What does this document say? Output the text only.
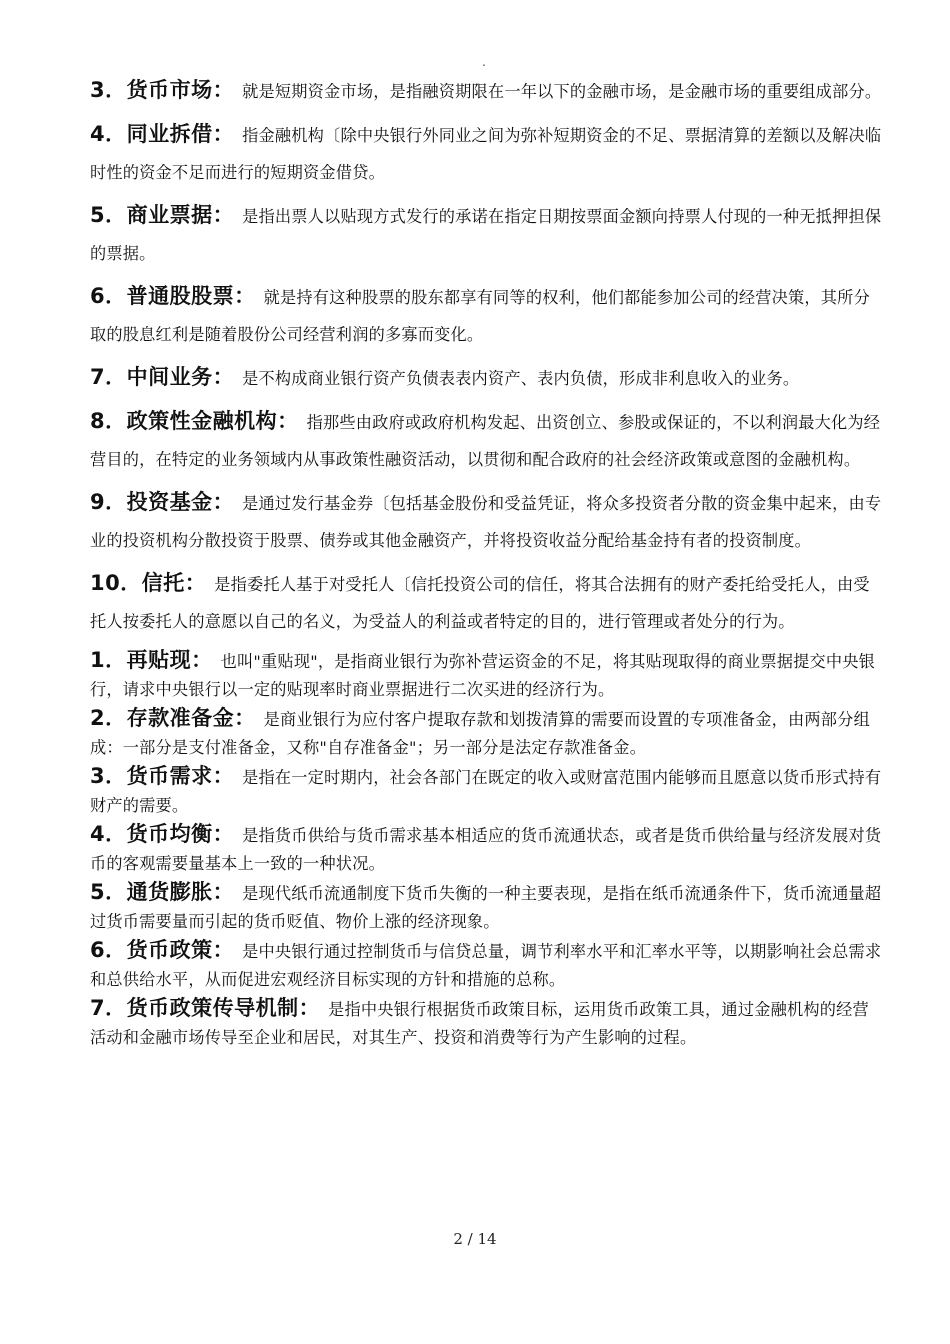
.
3．货币市场： 就是短期资金市场，是指融资期限在一年以下的金融市场，是金融市场的重要组成部分。
4．同业拆借： 指金融机构〔除中央银行外同业之间为弥补短期资金的不足、票据清算的差额以及解决临时性的资金不足而进行的短期资金借贷。
5．商业票据： 是指出票人以贴现方式发行的承诺在指定日期按票面金额向持票人付现的一种无抵押担保的票据。
6．普通股股票： 就是持有这种股票的股东都享有同等的权利，他们都能参加公司的经营决策，其所分取的股息红利是随着股份公司经营利润的多寡而变化。
7．中间业务： 是不构成商业银行资产负债表表内资产、表内负债，形成非利息收入的业务。
8．政策性金融机构： 指那些由政府或政府机构发起、出资创立、参股或保证的，不以利润最大化为经营目的，在特定的业务领域内从事政策性融资活动，以贯彻和配合政府的社会经济政策或意图的金融机构。
9．投资基金： 是通过发行基金券〔包括基金股份和受益凭证，将众多投资者分散的资金集中起来，由专业的投资机构分散投资于股票、债券或其他金融资产，并将投资收益分配给基金持有者的投资制度。
10．信托： 是指委托人基于对受托人〔信托投资公司的信任，将其合法拥有的财产委托给受托人，由受托人按委托人的意愿以自己的名义，为受益人的利益或者特定的目的，进行管理或者处分的行为。
1．再贴现： 也叫"重贴现"，是指商业银行为弥补营运资金的不足，将其贴现取得的商业票据提交中央银行，请求中央银行以一定的贴现率时商业票据进行二次买进的经济行为。
2．存款准备金： 是商业银行为应付客户提取存款和划拨清算的需要而设置的专项准备金，由两部分组成：一部分是支付准备金，又称"自存准备金"；另一部分是法定存款准备金。
3．货币需求： 是指在一定时期内，社会各部门在既定的收入或财富范围内能够而且愿意以货币形式持有财产的需要。
4．货币均衡： 是指货币供给与货币需求基本相适应的货币流通状态，或者是货币供给量与经济发展对货币的客观需要量基本上一致的一种状况。
5．通货膨胀： 是现代纸币流通制度下货币失衡的一种主要表现，是指在纸币流通条件下，货币流通量超过货币需要量而引起的货币贬值、物价上涨的经济现象。
6．货币政策： 是中央银行通过控制货币与信贷总量，调节利率水平和汇率水平等，以期影响社会总需求和总供给水平，从而促进宏观经济目标实现的方针和措施的总称。
7．货币政策传导机制： 是指中央银行根据货币政策目标，运用货币政策工具，通过金融机构的经营活动和金融市场传导至企业和居民，对其生产、投资和消费等行为产生影响的过程。
2 / 14
